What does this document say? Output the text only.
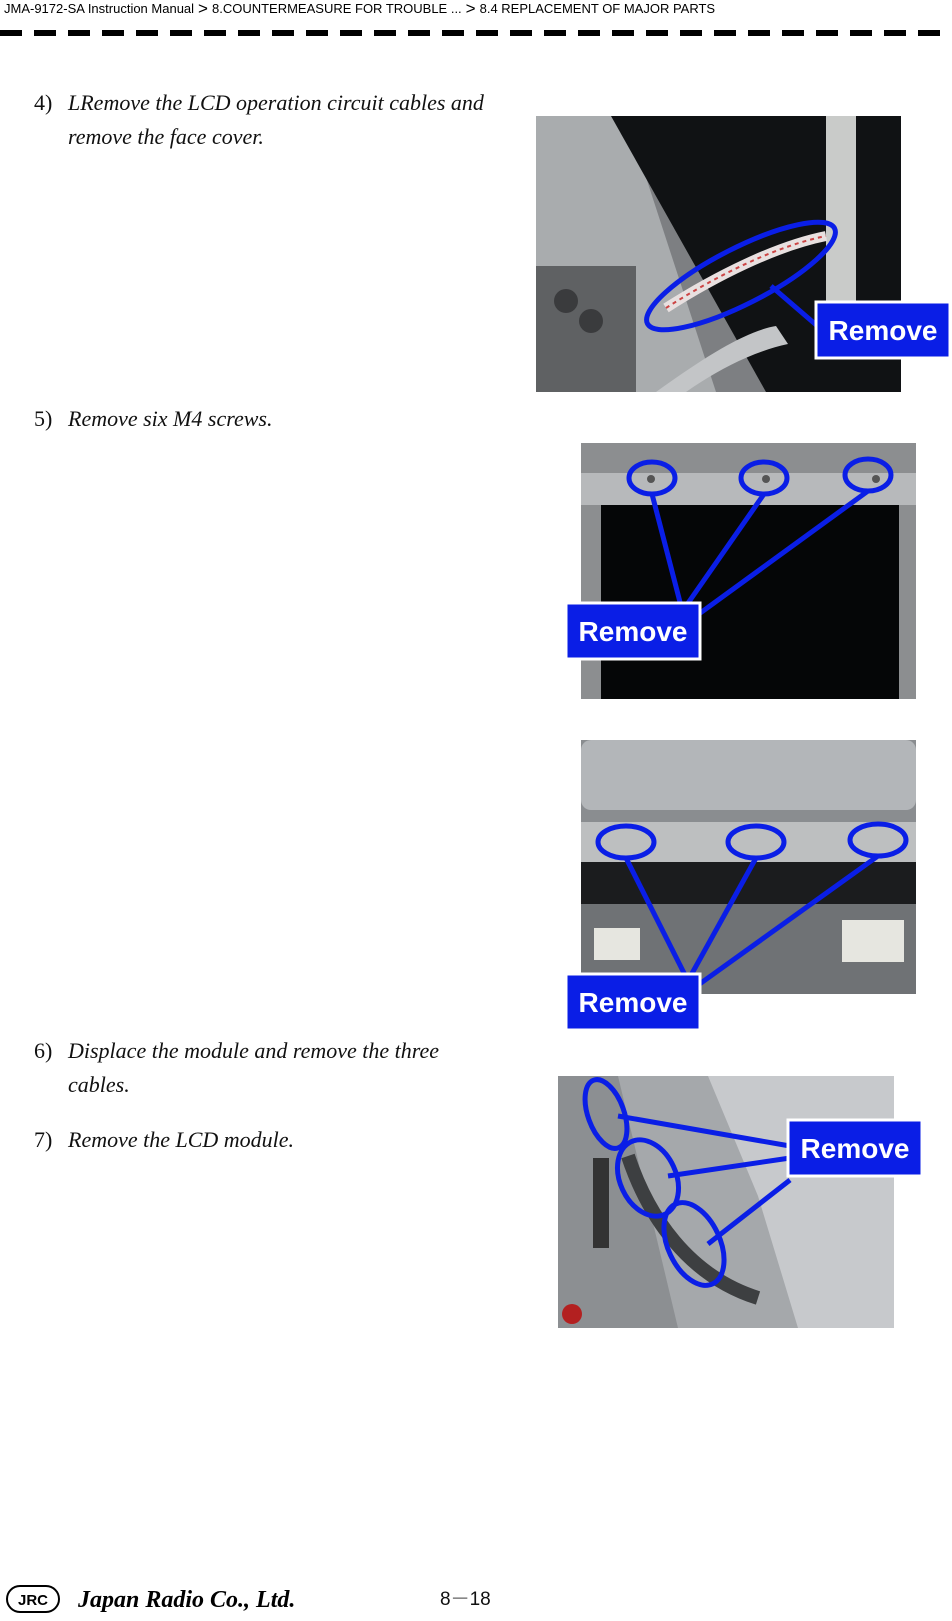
JMA-9172-SA Instruction Manual > 8.COUNTERMEASURE FOR TROUBLE ... > 8.4 REPLACEMENT OF MAJOR PARTS
4) LRemove the LCD operation circuit cables and remove the face cover.
Remove
5) Remove six M4 screws.
Remove
Remove
6) Displace the module and remove the three cables.
7) Remove the LCD module.	Remove
JRC Japan Radio Co., Ltd.	8－18
